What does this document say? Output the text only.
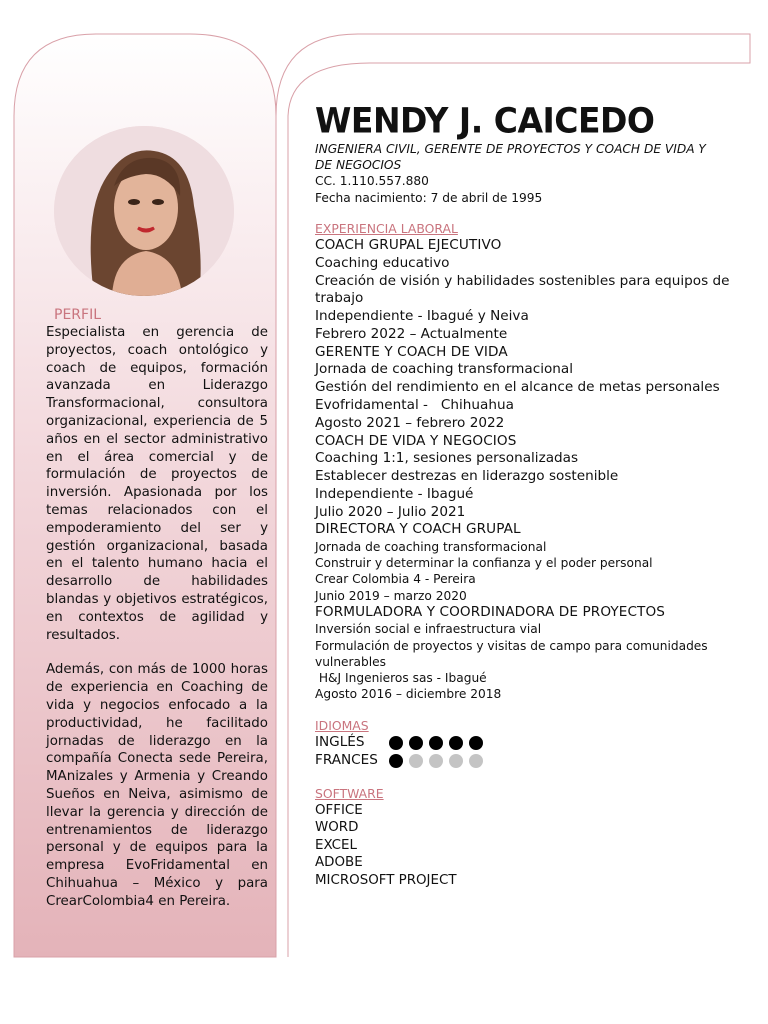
PERFIL

Especialista en gerencia de proyectos, coach ontológico y coach de equipos, formación avanzada en Liderazgo Transformacional, consultora organizacional, experiencia de 5 años en el sector administrativo en el área comercial y de formulación de proyectos de inversión. Apasionada por los temas relacionados con el empoderamiento del ser y gestión organizacional, basada en el talento humano hacia el desarrollo de habilidades blandas y objetivos estratégicos, en contextos de agilidad y resultados.

Además, con más de 1000 horas de experiencia en Coaching de vida y negocios enfocado a la productividad, he facilitado jornadas de liderazgo en la compañía Conecta sede Pereira, MAnizales y Armenia y Creando Sueños en Neiva, asimismo de llevar la gerencia y dirección de entrenamientos de liderazgo personal y de equipos para la empresa EvoFridamental en Chihuahua – México y para CrearColombia4 en Pereira.

WENDY J. CAICEDO
INGENIERA CIVIL, GERENTE DE PROYECTOS Y COACH DE VIDA Y DE NEGOCIOS
CC. 1.110.557.880
Fecha nacimiento: 7 de abril de 1995
EXPERIENCIA LABORAL
COACH GRUPAL EJECUTIVO
Coaching educativo
Creación de visión y habilidades sostenibles para equipos de trabajo
Independiente - Ibagué y Neiva
Febrero 2022 – Actualmente
GERENTE Y COACH DE VIDA
Jornada de coaching transformacional
Gestión del rendimiento en el alcance de metas personales
Evofridamental -   Chihuahua
Agosto 2021 – febrero 2022
COACH DE VIDA Y NEGOCIOS
Coaching 1:1, sesiones personalizadas
Establecer destrezas en liderazgo sostenible
Independiente - Ibagué
Julio 2020 – Julio 2021
DIRECTORA Y COACH GRUPAL
Jornada de coaching transformacional
Construir y determinar la confianza y el poder personal
Crear Colombia 4 - Pereira
Junio 2019 – marzo 2020
FORMULADORA Y COORDINADORA DE PROYECTOS
Inversión social e infraestructura vial
Formulación de proyectos y visitas de campo para comunidades vulnerables
H&J Ingenieros sas - Ibagué
Agosto 2016 – diciembre 2018
IDIOMAS
INGLÉS
FRANCES
SOFTWARE
OFFICE
WORD
EXCEL
ADOBE
MICROSOFT PROJECT
